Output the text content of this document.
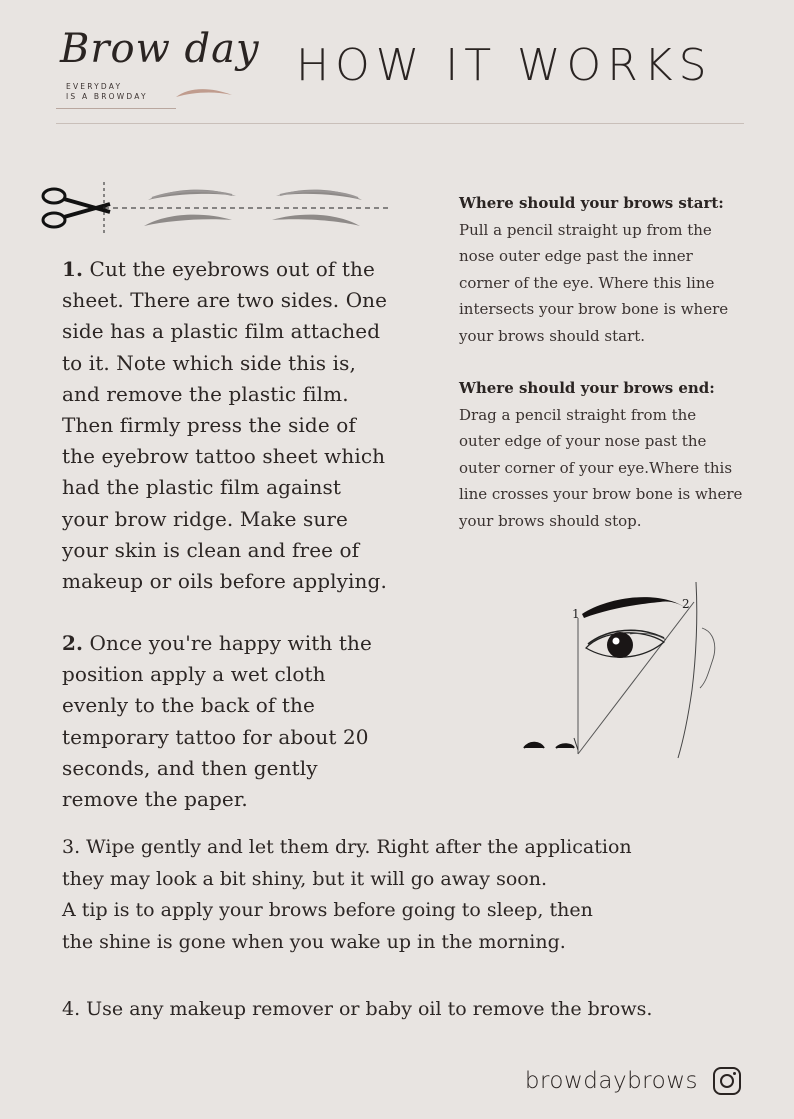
Brow day
EVERYDAY
IS A BROWDAY
HOW IT WORKS
1. Cut the eyebrows out of the
sheet. There are two sides. One
side has a plastic film attached
to it. Note which side this is,
and remove the plastic film.
Then firmly press the side of
the eyebrow tattoo sheet which
had the plastic film against
your brow ridge. Make sure
your skin is clean and free of
makeup or oils before applying.
2. Once you're happy with the
position apply a wet cloth
evenly to the back of the
temporary tattoo for about 20
seconds, and then gently
remove the paper.
3. Wipe gently and let them dry. Right after the application
they may look a bit shiny, but it will go away soon.
A tip is to apply your brows before going to sleep, then
the shine is gone when you wake up in the morning.
4. Use any makeup remover or baby oil to remove the brows.
Where should your brows start:
Pull a pencil straight up from the
nose outer edge past the inner
corner of the eye. Where this line
intersects your brow bone is where
your brows should start.
Where should your brows end:
Drag a pencil straight from the
outer edge of your nose past the
outer corner of your eye.Where this
line crosses your brow bone is where
your brows should stop.
1
2
browdaybrows
